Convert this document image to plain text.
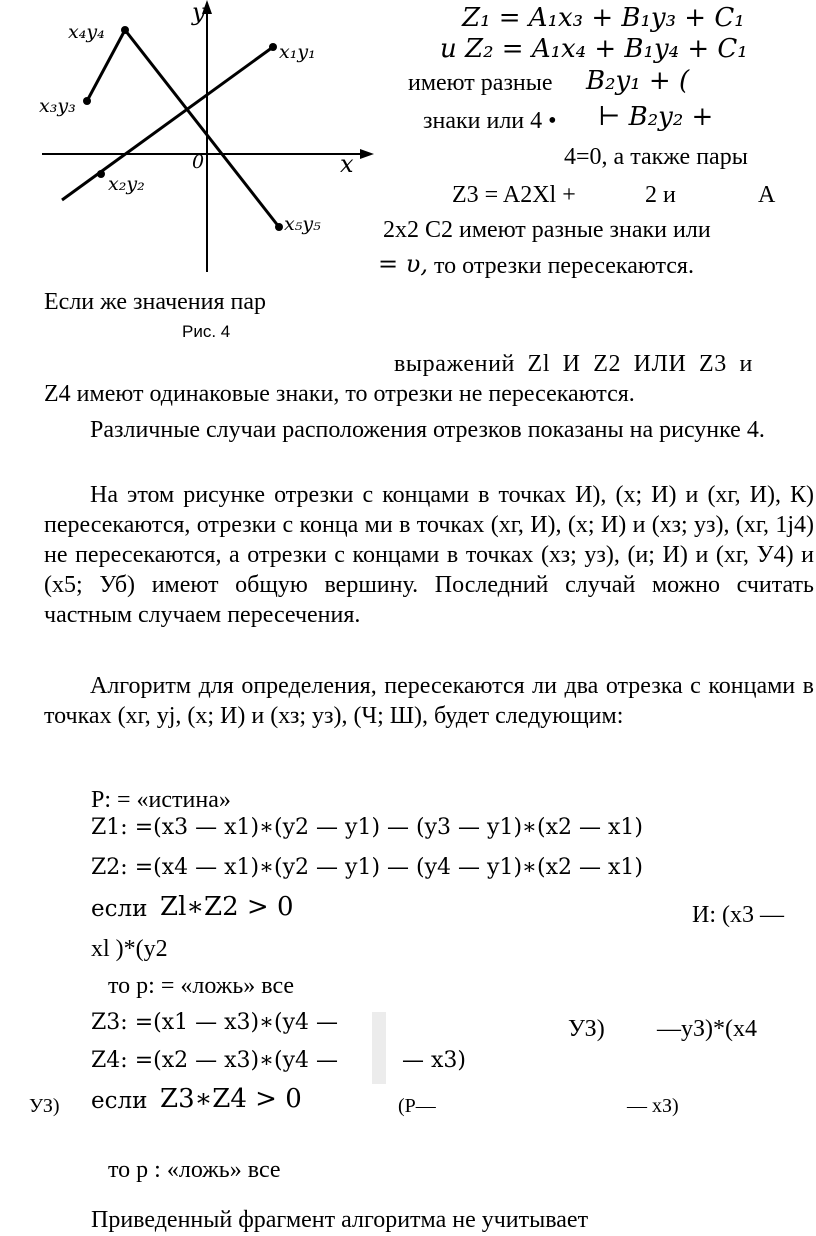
y
x
0
x₁y₁
x₂y₂
x₃y₃
x₄y₄
x₅y₅
Z₁ = A₁x₃ + B₁y₃ + C₁
и Z₂ = A₁x₄ + B₁y₄ + C₁
имеют разные B₂y₁ + (
знаки или 4 • ⊢ B₂y₂ +
4=0, а также пары
Z3 = A2Xl +	2 и	A
2x2 C2 имеют разные знаки или
= υ, то отрезки пересекаются.
Если же значения пар
Рис. 4
выражений Zl И Z2 ИЛИ Z3 и
Z4 имеют одинаковые знаки, то отрезки не пересекаются.
Различные случаи расположения отрезков показаны на рисунке 4.
На этом рисунке отрезки с концами в точках И), (х; И) и (хг, И), К) пересекаются, отрезки с конца ми в точках (хг, И), (х; И) и (хз; уз), (хг, 1j4) не пересекаются, а отрезки с концами в точках (хз; уз), (и; И) и (хг, У4) и (х5; Уб) имеют общую вершину. Последний случай можно считать частным случаем пересечения.
Алгоритм для определения, пересекаются ли два отрезка с концами в точках (хг, уj, (х; И) и (хз; уз), (Ч; Ш), будет следующим:
P: = «истина»
Z1: =(x3 — x1)∗(y2 — y1) — (y3 — y1)∗(x2 — x1)
Z2: =(x4 — x1)∗(y2 — y1) — (y4 — y1)∗(x2 — x1)
если Zl∗Z2 > 0	И: (х3 —
xl )*(у2
то р: = «ложь» все
Z3: =(x1 — x3)∗(y4 —	УЗ) —уЗ)*(х4
Z4: =(x2 — x3)∗(y4 —	— x3)
УЗ) если Z3∗Z4 > 0	(Р—	— хЗ)
то р : «ложь» все
Приведенный фрагмент алгоритма не учитывает
